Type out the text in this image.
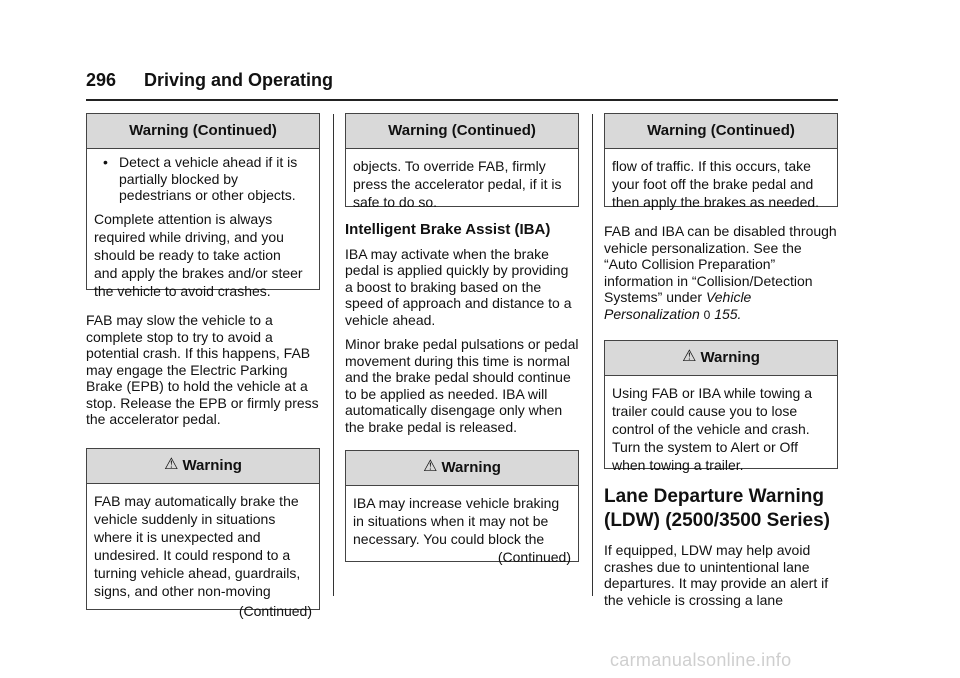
296 Driving and Operating
Warning (Continued)
• Detect a vehicle ahead if it is partially blocked by pedestrians or other objects.

Complete attention is always

required while driving, and you

should be ready to take action

and apply the brakes and/or steer

the vehicle to avoid crashes.

FAB may slow the vehicle to a complete stop to try to avoid a potential crash. If this happens, FAB may engage the Electric Parking Brake (EPB) to hold the vehicle at a stop. Release the EPB or firmly press the accelerator pedal.

⚠ Warning

FAB may automatically brake the

vehicle suddenly in situations

where it is unexpected and

undesired. It could respond to a

turning vehicle ahead, guardrails,

signs, and other non-moving

(Continued)

Warning (Continued)

objects. To override FAB, firmly

press the accelerator pedal, if it is

safe to do so.

Intelligent Brake Assist (IBA)

IBA may activate when the brake pedal is applied quickly by providing a boost to braking based on the speed of approach and distance to a vehicle ahead.

Minor brake pedal pulsations or pedal movement during this time is normal and the brake pedal should continue to be applied as needed. IBA will automatically disengage only when the brake pedal is released.

⚠ Warning

IBA may increase vehicle braking

in situations when it may not be

necessary. You could block the

(Continued)

Warning (Continued)

flow of traffic. If this occurs, take

your foot off the brake pedal and

then apply the brakes as needed.

FAB and IBA can be disabled through vehicle personalization. See the “Auto Collision Preparation” information in “Collision/Detection Systems” under Vehicle Personalization 0 155.

⚠ Warning

Using FAB or IBA while towing a

trailer could cause you to lose

control of the vehicle and crash.

Turn the system to Alert or Off

when towing a trailer.

Lane Departure Warning
(LDW) (2500/3500 Series)

If equipped, LDW may help avoid crashes due to unintentional lane departures. It may provide an alert if the vehicle is crossing a lane

carmanualsonline.info
